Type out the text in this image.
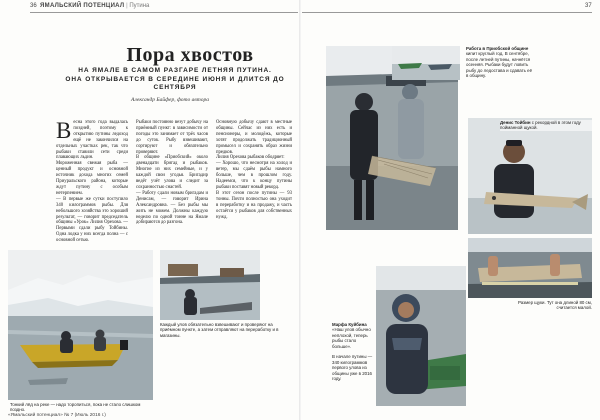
36 ЯМАЛЬСКИЙ ПОТЕНЦИАЛ | Путина
Пора хвостов
НА ЯМАЛЕ В САМОМ РАЗГАРЕ ЛЕТНЯЯ ПУТИНА.
ОНА ОТКРЫВАЕТСЯ В СЕРЕДИНЕ ИЮНЯ И ДЛИТСЯ ДО СЕНТЯБРЯ
Александр Байфер, фото автора
В есна этого года выдалась поздней, поэтому к открытию путины ледоход ещё не закончился на отдельных участках рек, так что рыбаки ставили сети среди плавающих льдин.

Мороженная свежая рыба — ценный продукт и основной источник дохода многих семей Приуральского района, которые ждут путину с особым нетерпением.

— В первые же сутки поступило 340 килограммов рыбы. Для небольшого хозяйства это хороший результат, — говорит председатель общины «Урок» Лилия Орехова. — Первыми сдали рыбу Тойбины. Одна лодка у них всегда полна — с основной сетью.

Рыбаки постоянно везут добычу на приёмный пункт: в зависимости от погоды это занимает от трёх часов до суток. Рыбу взвешивают, сортируют и обязательно проверяют.

В общине «Приобский» около двенадцати бригад и рыбаков. Многие из них семейные, и у каждой свои угодья. Бригадир ведёт учёт улова и следит за сохранностью снастей.

— Работу сдали новым бригадам и Денисам, — говорит Ирина Александровна. — Без рыбы мы жить не можем. Должны каждую неделю по одной тонне на Ямале добираются до разгона.

Основную добычу сдают в местные общины. Сейчас из них есть и пенсионеры, и молодёжь, которые хотят продолжать традиционный промысел и сохранять образ жизни предков.

Лилия Орехова рыбаков ободряет:

— Хорошо, что несмотря на холод и ветер, мы сдаём рыбы намного больше, чем в прошлом году. Надеемся, что к концу путины рыбаки поставят новый рекорд.

В этот сезон после путины — 93 тонны. Почти полностью она уходит в переработку и на продажу, и часть остаётся у рыбаков для собственных нужд.

Тонкий лёд на реке — надо торопиться, пока не стало слишком поздно.
Каждый улов обязательно взвешивают и проверяют на приёмном пункте, а затем отправляют на переработку и в магазины.
«Ямальский потенциал» № 7 (Июль 2016 г.)
37
Работа в Приобской общине кипит круглый год. В сентябре, после летней путины, начнётся осенняя. Рыбаки будут ловить рыбу до ледостава и сдавать её в общину.
Денис Тойбин с рекордной в этом году пойманной щукой.
Размер щуки. Тут она длиной 80 см, считается малой.
Марфа Куйбина
«Наш улов обычно неплохой, теперь рыбы стало больше».

В начале путины — 340 килограммов первого улова из общины уже в 2016 году.
